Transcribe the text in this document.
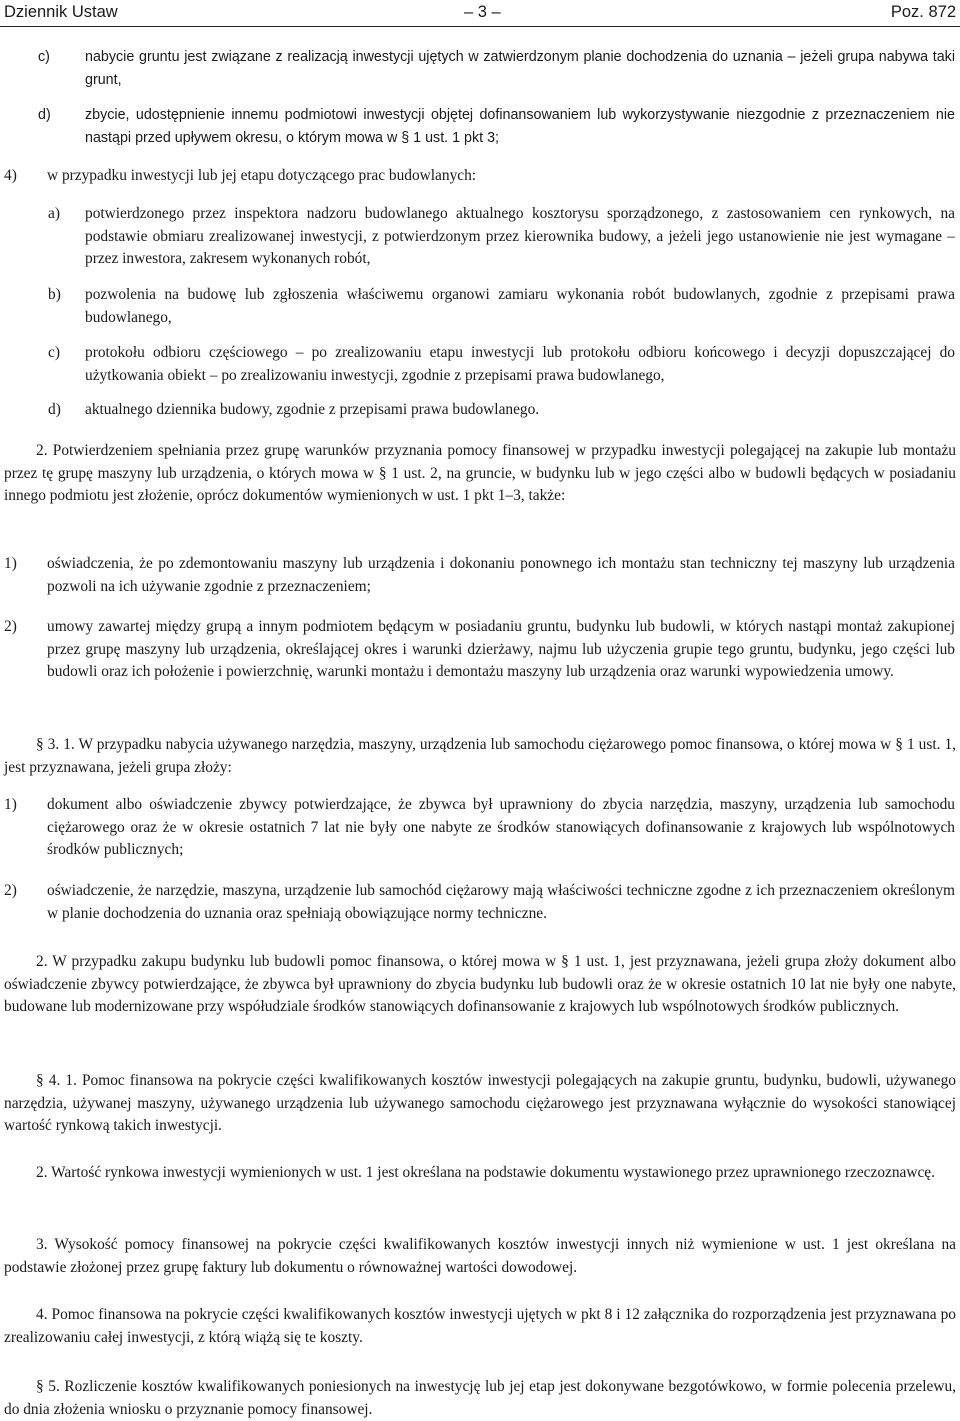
Dziennik Ustaw	– 3 –	Poz. 872
c) nabycie gruntu jest związane z realizacją inwestycji ujętych w zatwierdzonym planie dochodzenia do uznania – jeżeli grupa nabywa taki grunt,
d) zbycie, udostępnienie innemu podmiotowi inwestycji objętej dofinansowaniem lub wykorzystywanie niezgodnie z przeznaczeniem nie nastąpi przed upływem okresu, o którym mowa w § 1 ust. 1 pkt 3;
4) w przypadku inwestycji lub jej etapu dotyczącego prac budowlanych:
a) potwierdzonego przez inspektora nadzoru budowlanego aktualnego kosztorysu sporządzonego, z zastosowaniem cen rynkowych, na podstawie obmiaru zrealizowanej inwestycji, z potwierdzonym przez kierownika budowy, a jeżeli jego ustanowienie nie jest wymagane – przez inwestora, zakresem wykonanych robót,
b) pozwolenia na budowę lub zgłoszenia właściwemu organowi zamiaru wykonania robót budowlanych, zgodnie z przepisami prawa budowlanego,
c) protokołu odbioru częściowego – po zrealizowaniu etapu inwestycji lub protokołu odbioru końcowego i decyzji dopuszczającej do użytkowania obiekt – po zrealizowaniu inwestycji, zgodnie z przepisami prawa budowlanego,
d) aktualnego dziennika budowy, zgodnie z przepisami prawa budowlanego.
2. Potwierdzeniem spełniania przez grupę warunków przyznania pomocy finansowej w przypadku inwestycji polegającej na zakupie lub montażu przez tę grupę maszyny lub urządzenia, o których mowa w § 1 ust. 2, na gruncie, w budynku lub w jego części albo w budowli będących w posiadaniu innego podmiotu jest złożenie, oprócz dokumentów wymienionych w ust. 1 pkt 1–3, także:
1) oświadczenia, że po zdemontowaniu maszyny lub urządzenia i dokonaniu ponownego ich montażu stan techniczny tej maszyny lub urządzenia pozwoli na ich używanie zgodnie z przeznaczeniem;
2) umowy zawartej między grupą a innym podmiotem będącym w posiadaniu gruntu, budynku lub budowli, w których nastąpi montaż zakupionej przez grupę maszyny lub urządzenia, określającej okres i warunki dzierżawy, najmu lub użyczenia grupie tego gruntu, budynku, jego części lub budowli oraz ich położenie i powierzchnię, warunki montażu i demontażu maszyny lub urządzenia oraz warunki wypowiedzenia umowy.
§ 3. 1. W przypadku nabycia używanego narzędzia, maszyny, urządzenia lub samochodu ciężarowego pomoc finansowa, o której mowa w § 1 ust. 1, jest przyznawana, jeżeli grupa złoży:
1) dokument albo oświadczenie zbywcy potwierdzające, że zbywca był uprawniony do zbycia narzędzia, maszyny, urządzenia lub samochodu ciężarowego oraz że w okresie ostatnich 7 lat nie były one nabyte ze środków stanowiących dofinansowanie z krajowych lub wspólnotowych środków publicznych;
2) oświadczenie, że narzędzie, maszyna, urządzenie lub samochód ciężarowy mają właściwości techniczne zgodne z ich przeznaczeniem określonym w planie dochodzenia do uznania oraz spełniają obowiązujące normy techniczne.
2. W przypadku zakupu budynku lub budowli pomoc finansowa, o której mowa w § 1 ust. 1, jest przyznawana, jeżeli grupa złoży dokument albo oświadczenie zbywcy potwierdzające, że zbywca był uprawniony do zbycia budynku lub budowli oraz że w okresie ostatnich 10 lat nie były one nabyte, budowane lub modernizowane przy współudziale środków stanowiących dofinansowanie z krajowych lub wspólnotowych środków publicznych.
§ 4. 1. Pomoc finansowa na pokrycie części kwalifikowanych kosztów inwestycji polegających na zakupie gruntu, budynku, budowli, używanego narzędzia, używanej maszyny, używanego urządzenia lub używanego samochodu ciężarowego jest przyznawana wyłącznie do wysokości stanowiącej wartość rynkową takich inwestycji.
2. Wartość rynkowa inwestycji wymienionych w ust. 1 jest określana na podstawie dokumentu wystawionego przez uprawnionego rzeczoznawcę.
3. Wysokość pomocy finansowej na pokrycie części kwalifikowanych kosztów inwestycji innych niż wymienione w ust. 1 jest określana na podstawie złożonej przez grupę faktury lub dokumentu o równoważnej wartości dowodowej.
4. Pomoc finansowa na pokrycie części kwalifikowanych kosztów inwestycji ujętych w pkt 8 i 12 załącznika do rozporządzenia jest przyznawana po zrealizowaniu całej inwestycji, z którą wiążą się te koszty.
§ 5. Rozliczenie kosztów kwalifikowanych poniesionych na inwestycję lub jej etap jest dokonywane bezgotówkowo, w formie polecenia przelewu, do dnia złożenia wniosku o przyznanie pomocy finansowej.
